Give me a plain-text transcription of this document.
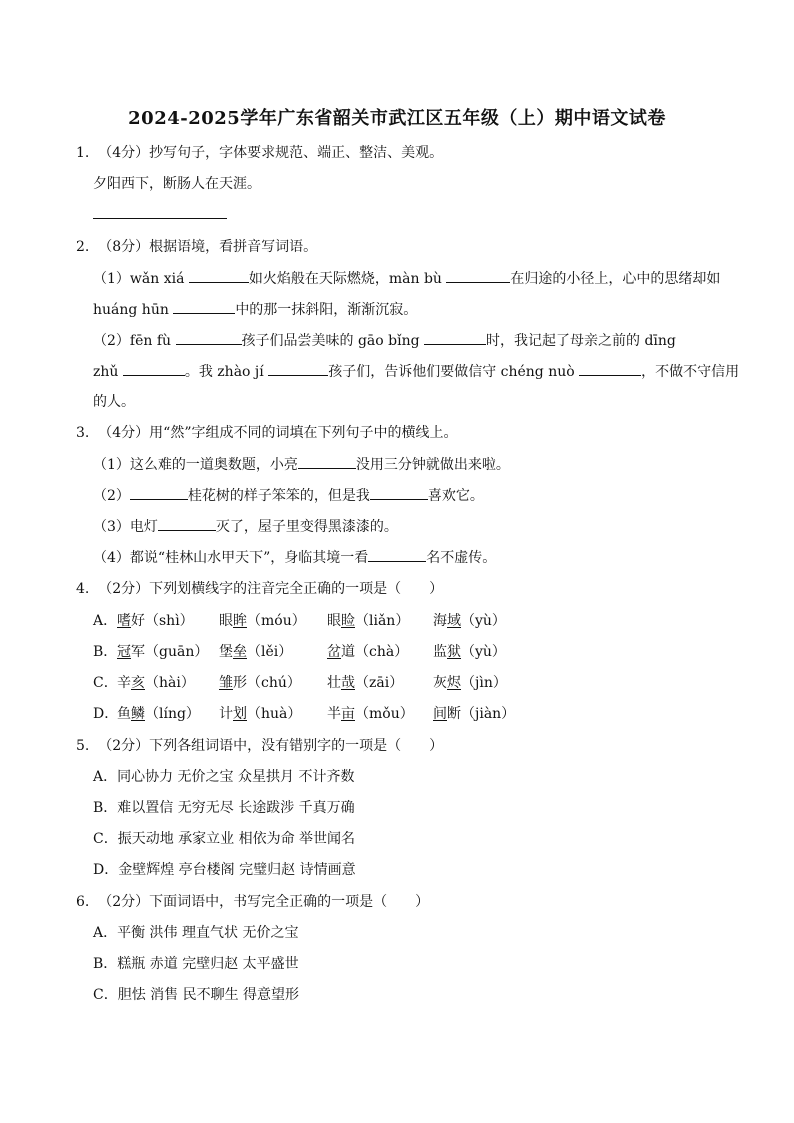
2024-2025学年广东省韶关市武江区五年级（上）期中语文试卷
1. （4分）抄写句子，字体要求规范、端正、整洁、美观。
夕阳西下，断肠人在天涯。
2. （8分）根据语境，看拼音写词语。
（1）wǎn xiá	如火焰般在天际燃烧，màn bù	在归途的小径上，心中的思绪却如
huáng hūn	中的那一抹斜阳，渐渐沉寂。
（2）fēn fù	孩子们品尝美味的 gāo bǐng	时，我记起了母亲之前的 dīng
zhǔ	。我 zhào jí	孩子们，告诉他们要做信守 chéng nuò	，不做不守信用
的人。
3. （4分）用“然”字组成不同的词填在下列句子中的横线上。
（1）这么难的一道奥数题，小亮	没用三分钟就做出来啦。
（2）	桂花树的样子笨笨的，但是我	喜欢它。
（3）电灯	灭了，屋子里变得黑漆漆的。
（4）都说“桂林山水甲天下”，身临其境一看	名不虚传。
4. （2分）下列划横线字的注音完全正确的一项是（　　）
A． 嗜好（shì） 眼眸（móu） 眼睑（liǎn） 海域（yù）
B． 冠军（guān） 堡垒（lěi） 岔道（chà） 监狱（yù）
C． 辛亥（hài） 雏形（chú） 壮哉（zāi） 灰烬（jìn）
D．
鱼鳞（líng） 计划（huà） 半亩（mǒu） 间断（jiàn）
5. （2分）下列各组词语中，没有错别字的一项是（　　）
A．同心协力 无价之宝 众星拱月 不计齐数
B．难以置信 无穷无尽 长途跋涉 千真万确
C．振天动地 承家立业 相依为命 举世闻名
D．金壁辉煌 亭台楼阁 完璧归赵 诗情画意
6. （2分）下面词语中，书写完全正确的一项是（　　）
A．平衡 洪伟 理直气状 无价之宝
B．糕瓶 赤道 完壁归赵 太平盛世
C．胆怯 消售 民不聊生 得意望形
